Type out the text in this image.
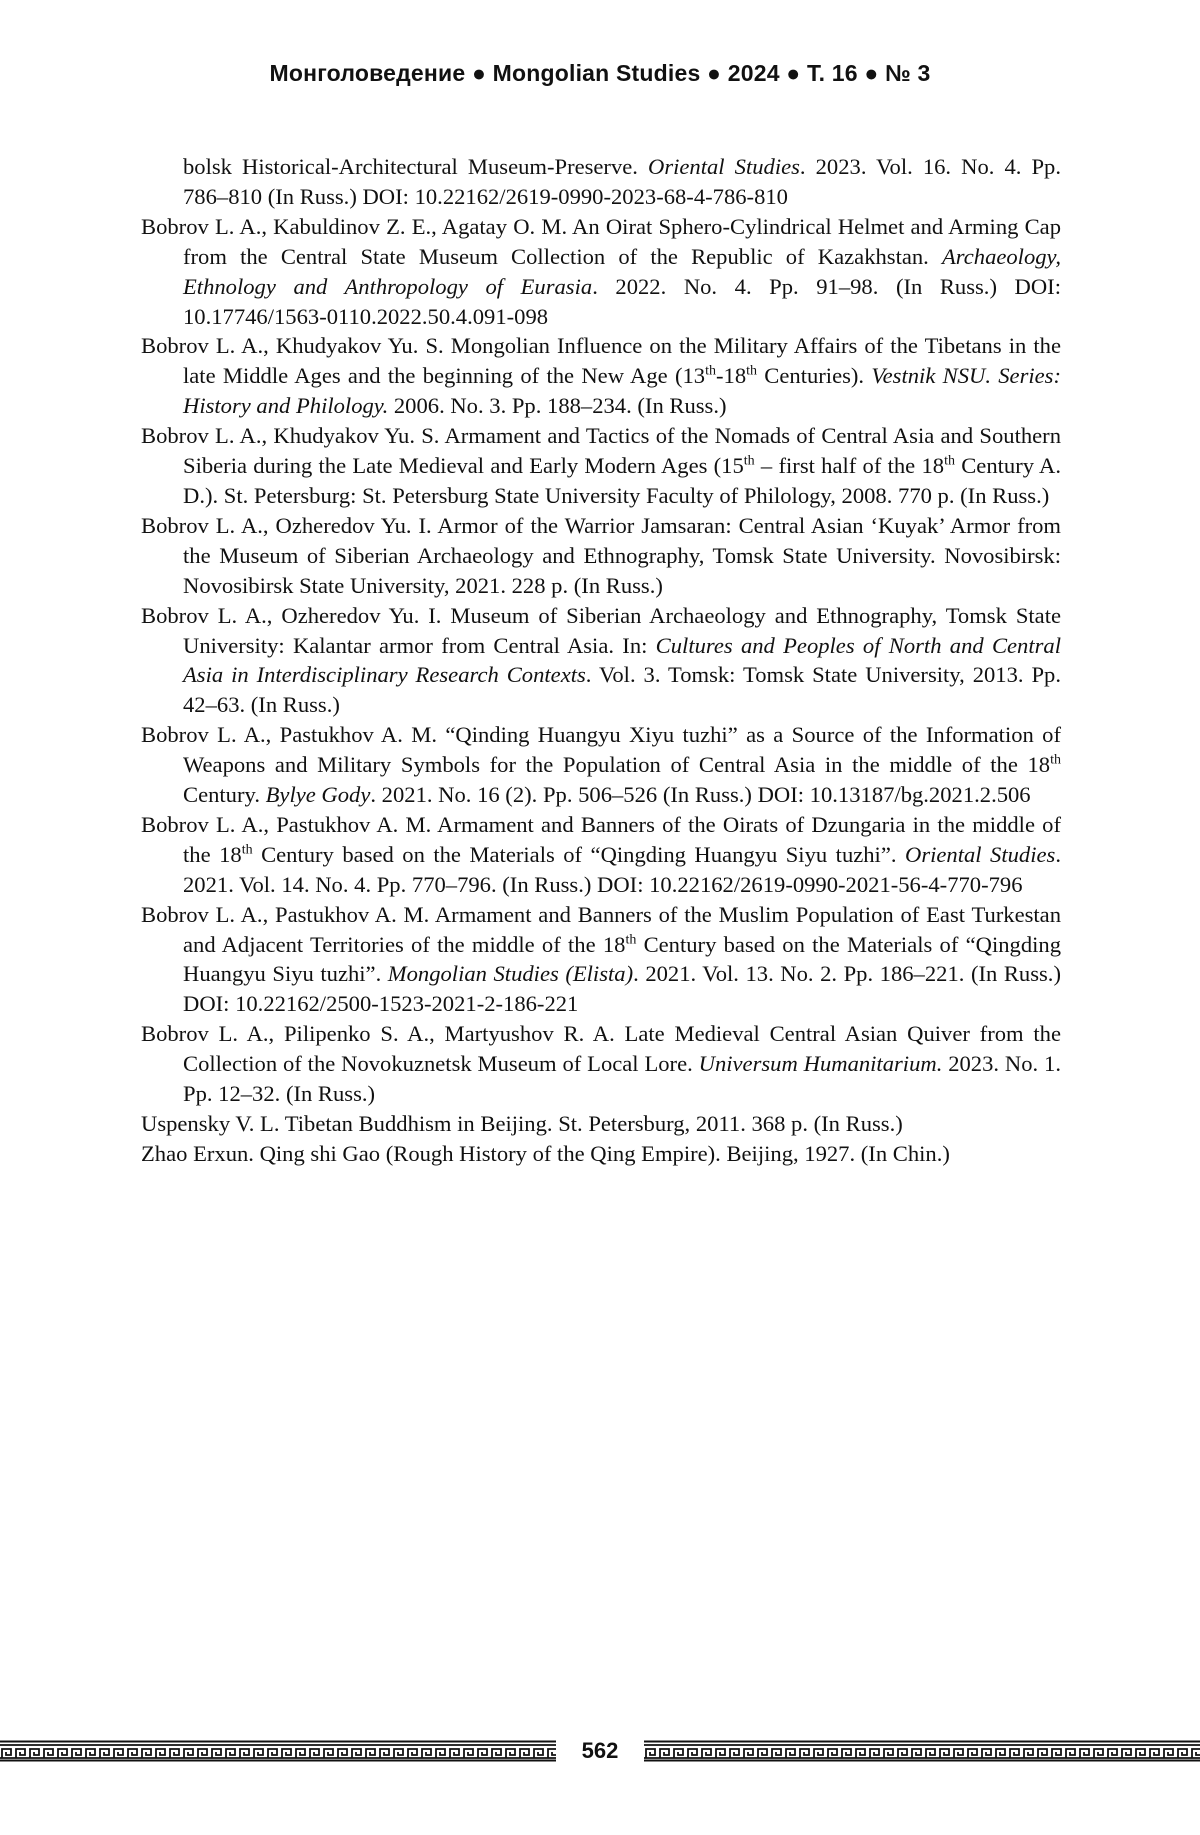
Монголоведение ● Mongolian Studies ● 2024 ● Т. 16 ● № 3

bolsk Historical-Architectural Museum-Preserve. Oriental Studies. 2023. Vol. 16. No. 4. Pp. 786–810 (In Russ.) DOI: 10.22162/2619-0990-2023-68-4-786-810

Bobrov L. A., Kabuldinov Z. E., Agatay O. M. An Oirat Sphero-Cylindrical Helmet and Arming Cap from the Central State Museum Collection of the Republic of Kazakhstan. Archaeology, Ethnology and Anthropology of Eurasia. 2022. No. 4. Pp. 91–98. (In Russ.) DOI: 10.17746/1563-0110.2022.50.4.091-098

Bobrov L. A., Khudyakov Yu. S. Mongolian Influence on the Military Affairs of the Tibetans in the late Middle Ages and the beginning of the New Age (13th-18th Centuries). Vestnik NSU. Series: History and Philology. 2006. No. 3. Pp. 188–234. (In Russ.)

Bobrov L. A., Khudyakov Yu. S. Armament and Tactics of the Nomads of Central Asia and Southern Siberia during the Late Medieval and Early Modern Ages (15th – first half of the 18th Century A. D.). St. Petersburg: St. Petersburg State University Faculty of Philology, 2008. 770 p. (In Russ.)

Bobrov L. A., Ozheredov Yu. I. Armor of the Warrior Jamsaran: Central Asian ‘Kuyak’ Armor from the Museum of Siberian Archaeology and Ethnography, Tomsk State University. Novosibirsk: Novosibirsk State University, 2021. 228 p. (In Russ.)

Bobrov L. A., Ozheredov Yu. I. Museum of Siberian Archaeology and Ethnography, Tomsk State University: Kalantar armor from Central Asia. In: Cultures and Peoples of North and Central Asia in Interdisciplinary Research Contexts. Vol. 3. Tomsk: Tomsk State University, 2013. Pp. 42–63. (In Russ.)

Bobrov L. A., Pastukhov A. M. “Qinding Huangyu Xiyu tuzhi” as a Source of the Information of Weapons and Military Symbols for the Population of Central Asia in the middle of the 18th Century. Bylye Gody. 2021. No. 16 (2). Pp. 506–526 (In Russ.) DOI: 10.13187/bg.2021.2.506

Bobrov L. A., Pastukhov A. M. Armament and Banners of the Oirats of Dzungaria in the middle of the 18th Century based on the Materials of “Qingding Huangyu Siyu tuzhi”. Oriental Studies. 2021. Vol. 14. No. 4. Pp. 770–796. (In Russ.) DOI: 10.22162/2619-0990-2021-56-4-770-796

Bobrov L. A., Pastukhov A. M. Armament and Banners of the Muslim Population of East Turkestan and Adjacent Territories of the middle of the 18th Century based on the Materials of “Qingding Huangyu Siyu tuzhi”. Mongolian Studies (Elista). 2021. Vol. 13. No. 2. Pp. 186–221. (In Russ.) DOI: 10.22162/2500-1523-2021-2-186-221

Bobrov L. A., Pilipenko S. A., Martyushov R. A. Late Medieval Central Asian Quiver from the Collection of the Novokuznetsk Museum of Local Lore. Universum Humanitarium. 2023. No. 1. Pp. 12–32. (In Russ.)

Uspensky V. L. Tibetan Buddhism in Beijing. St. Petersburg, 2011. 368 p. (In Russ.)

Zhao Erxun. Qing shi Gao (Rough History of the Qing Empire). Beijing, 1927. (In Chin.)

562
